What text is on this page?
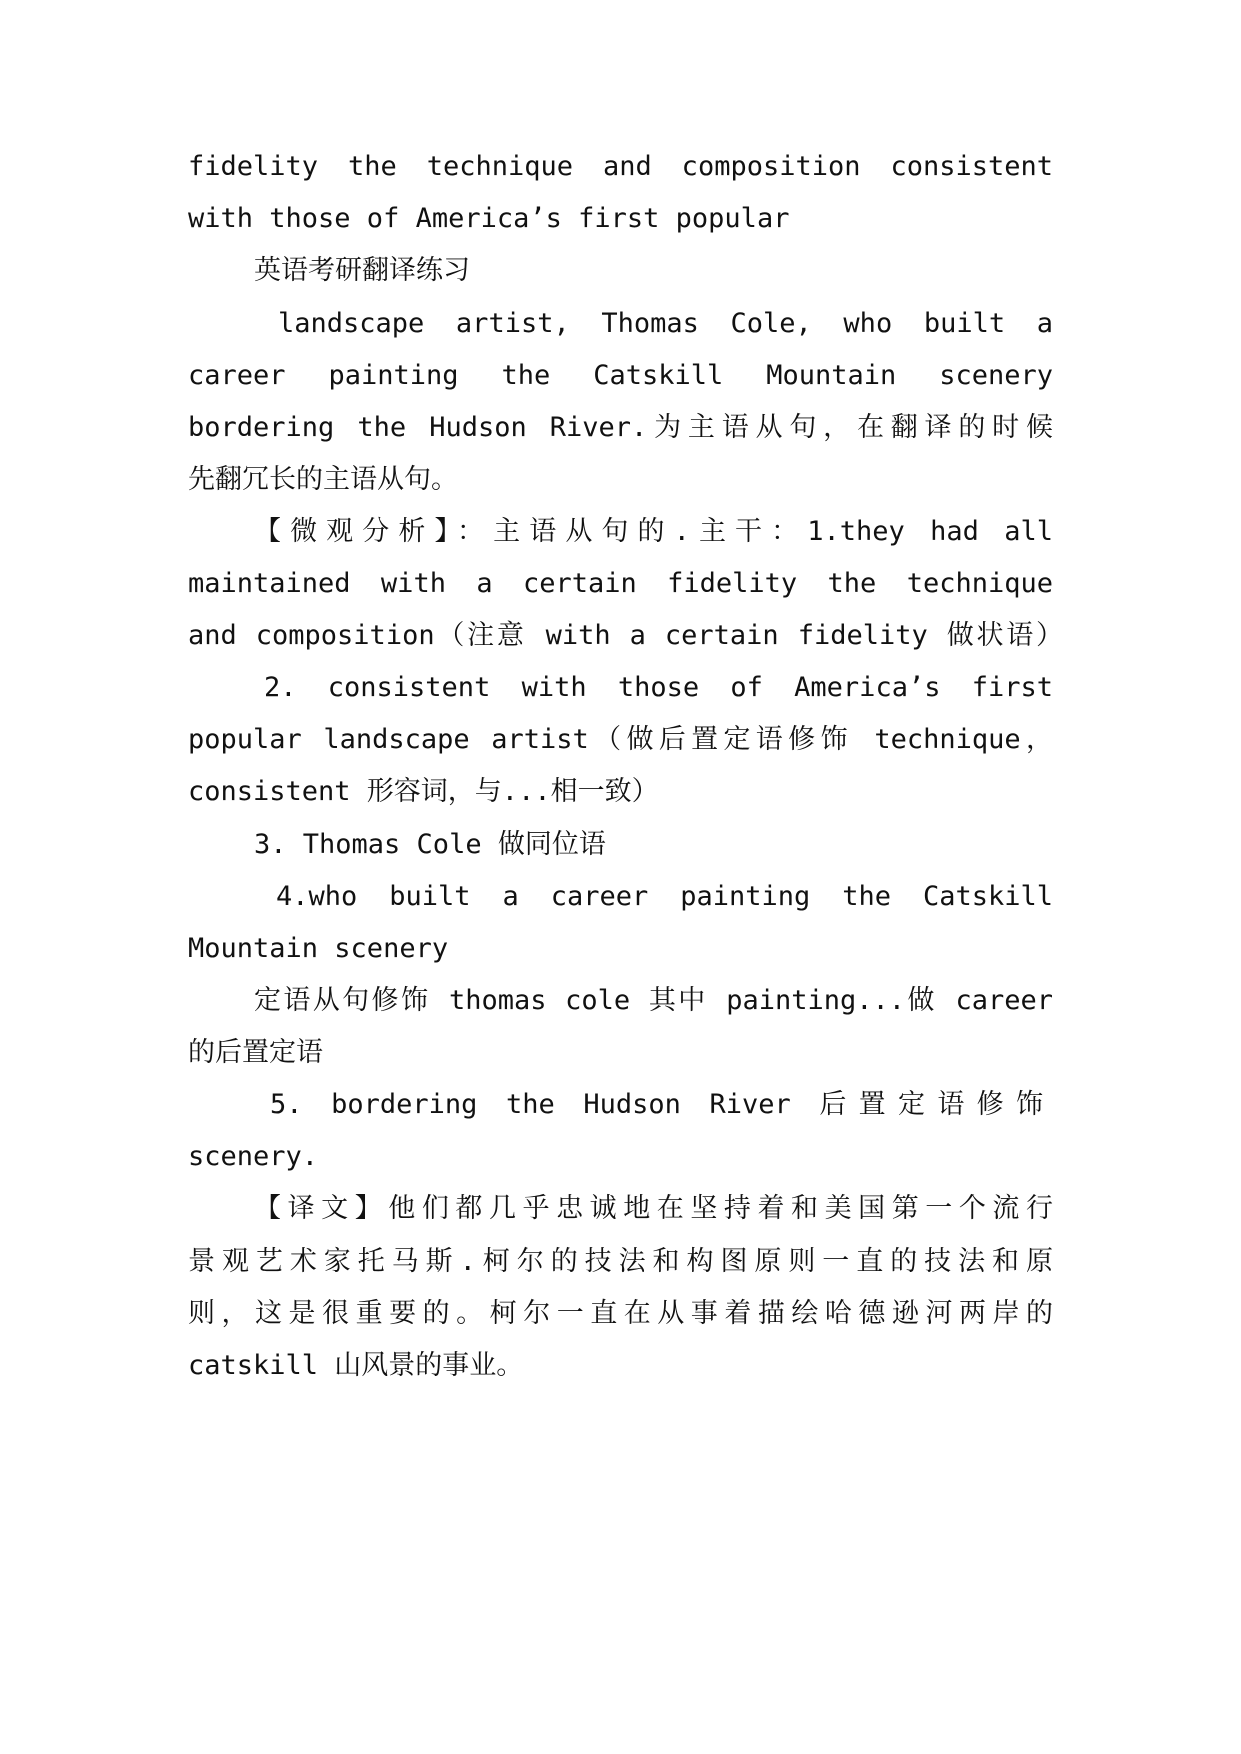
fidelity the technique and composition consistent
with those of America’s first popular
英语考研翻译练习
landscape artist, Thomas Cole, who built a
career painting the Catskill Mountain scenery
bordering the Hudson River.为主语从句，在翻译的时候
先翻冗长的主语从句。
【微观分析】：主语从句的.主干：1.they had all
maintained with a certain fidelity the technique
and composition（注意 with a certain fidelity 做状语）
2. consistent with those of America’s first
popular landscape artist（做后置定语修饰 technique，
consistent 形容词，与...相一致）
3. Thomas Cole 做同位语
4.who built a career painting the Catskill
Mountain scenery
定语从句修饰 thomas cole 其中 painting...做 career
的后置定语
5. bordering the Hudson River 后置定语修饰
scenery.
【译文】他们都几乎忠诚地在坚持着和美国第一个流行
景观艺术家托马斯.柯尔的技法和构图原则一直的技法和原
则，这是很重要的。柯尔一直在从事着描绘哈德逊河两岸的
catskill 山风景的事业。
